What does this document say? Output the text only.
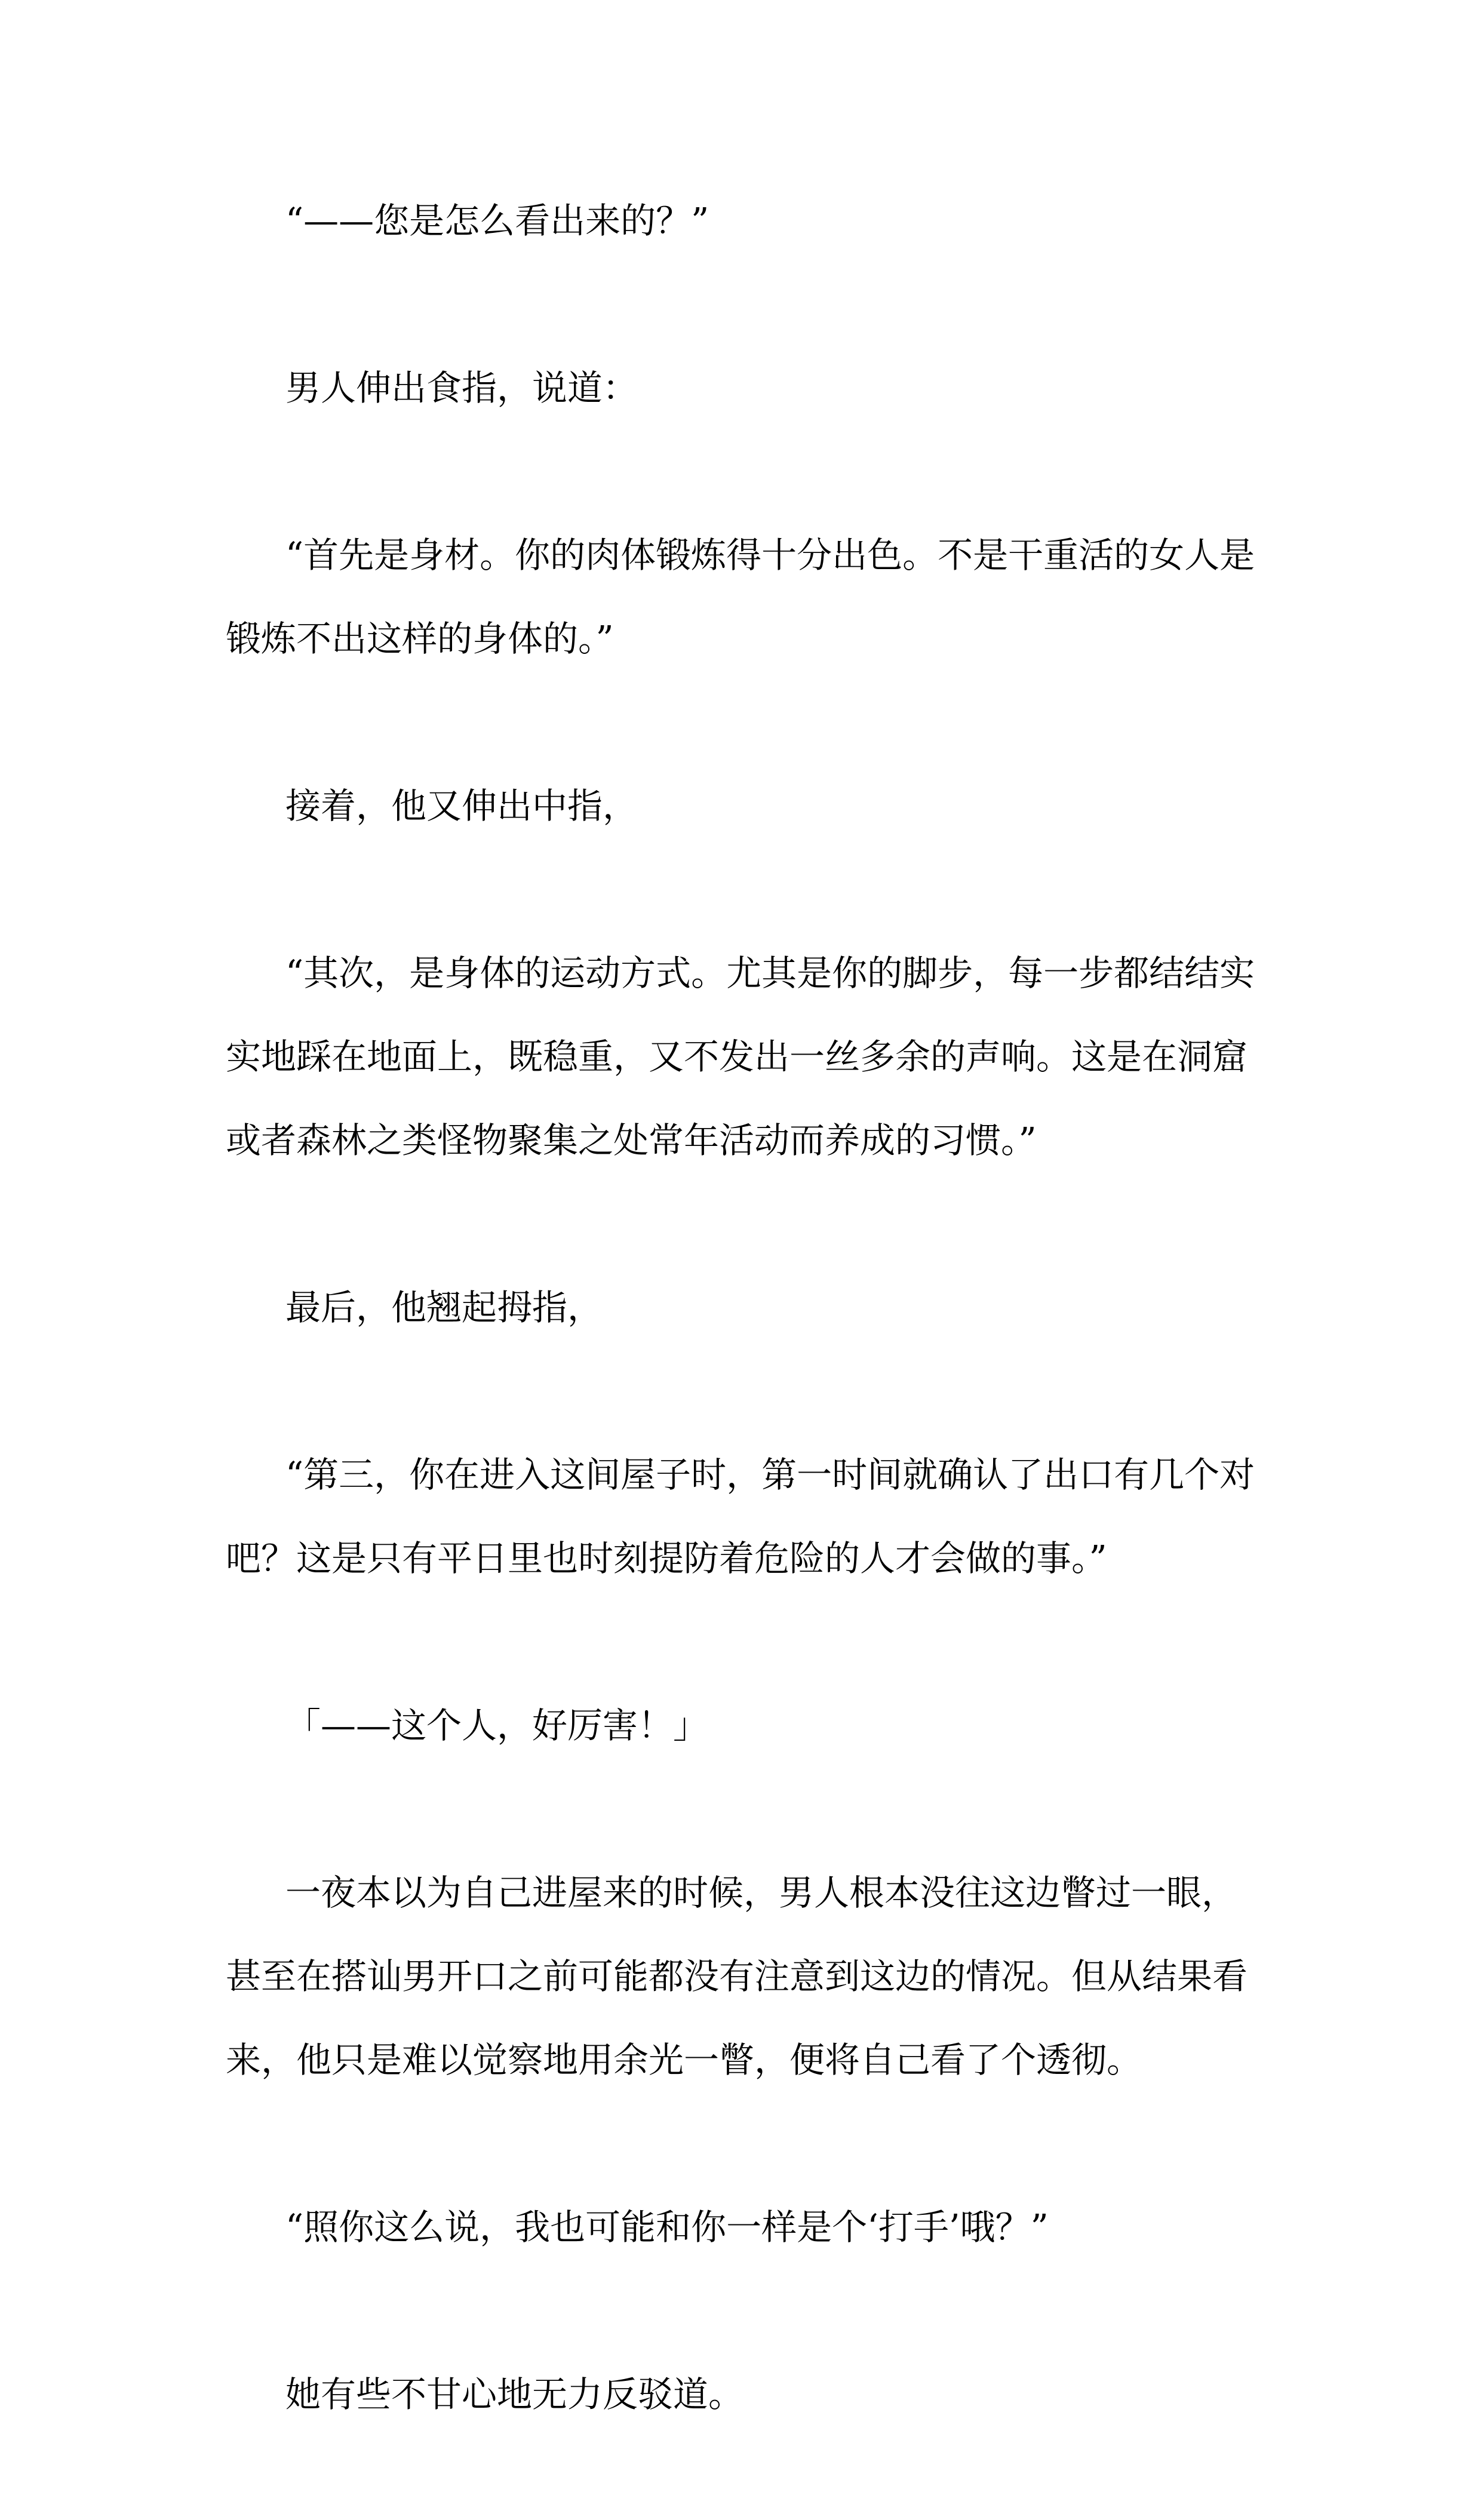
“——您是怎么看出来的？”

男人伸出食指，说道：

“首先是身材。你的肉体锻炼得十分出色。不是干重活的女人是锻炼不出这样的身体的。”

接着，他又伸出中指，

“其次，是身体的运动方式。尤其是你的脚步，每一步都结结实实地踩在地面上，既稳重，又不发出一丝多余的声响。这是在洞窟或者森林之类怪物聚集之处常年活动而养成的习惯。”

最后，他翘起拇指，

“第三，你在进入这间屋子时，第一时间就确认了出口有几个对吧？这是只有平日里也时刻提防着危险的人才会做的事。”

「——这个人，好厉害！」

一夜本以为自己进屋来的时候，男人根本没往这边瞥过一眼，甚至在搭讪男开口之前可能都没有注意到这边的情况。但从结果看来，他只是难以觉察地用余光一瞥，便将自己看了个透彻。

“照你这么说，我也可能和你一样是个‘打手’哦？”

她有些不甘心地无力反驳道。
